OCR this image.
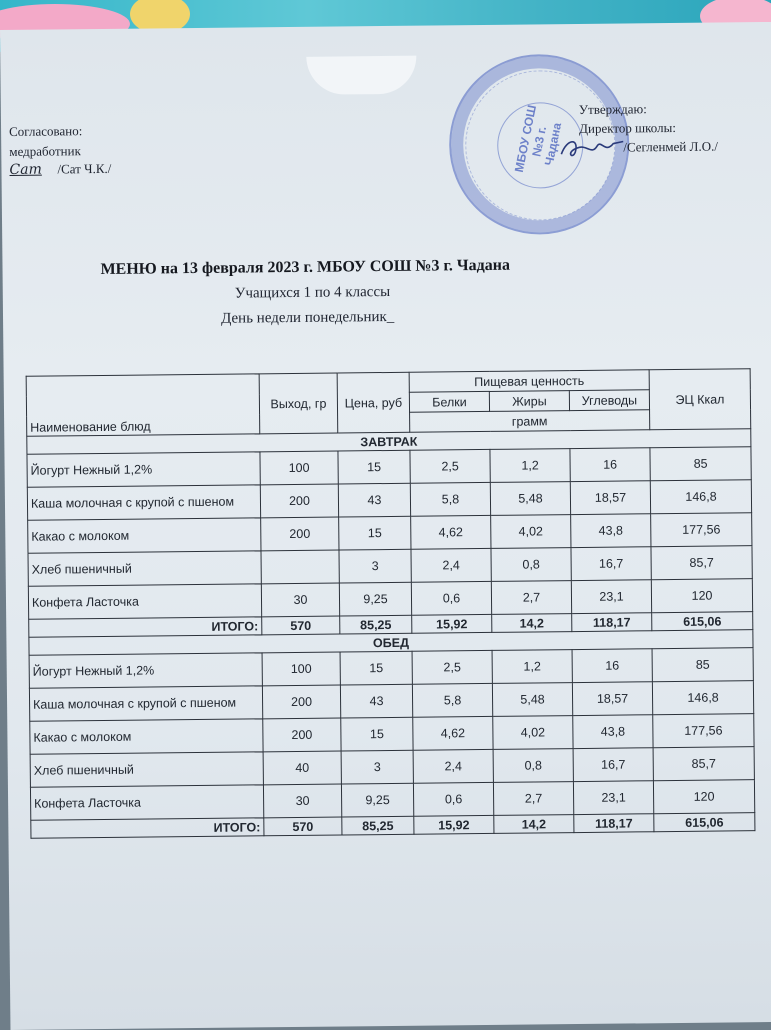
Согласовано:
медработник
Сат /Сат Ч.К./	МБОУ СОШ №3 г. Чадана
Утверждаю:
Директор школы:
/Сегленмей Л.О./
МЕНЮ на 13 февраля 2023 г. МБОУ СОШ №3 г. Чадана
Учащихся 1 по 4 классы
День недели понедельник_
Наименование блюд	Выход, гр	Цена, руб	Пищевая ценность			ЭЦ Ккал
			Белки	Жиры	Углеводы	
			грамм			
ЗАВТРАК						
Йогурт Нежный 1,2%	100	15	2,5	1,2	16	85
Каша молочная с крупой с пшеном	200	43	5,8	5,48	18,57	146,8
Какао с молоком	200	15	4,62	4,02	43,8	177,56
Хлеб пшеничный		3	2,4	0,8	16,7	85,7
Конфета Ласточка	30	9,25	0,6	2,7	23,1	120
ИТОГО:	570	85,25	15,92	14,2	118,17	615,06
ОБЕД						
Йогурт Нежный 1,2%	100	15	2,5	1,2	16	85
Каша молочная с крупой с пшеном	200	43	5,8	5,48	18,57	146,8
Какао с молоком	200	15	4,62	4,02	43,8	177,56
Хлеб пшеничный	40	3	2,4	0,8	16,7	85,7
Конфета Ласточка	30	9,25	0,6	2,7	23,1	120
ИТОГО:	570	85,25	15,92	14,2	118,17	615,06
